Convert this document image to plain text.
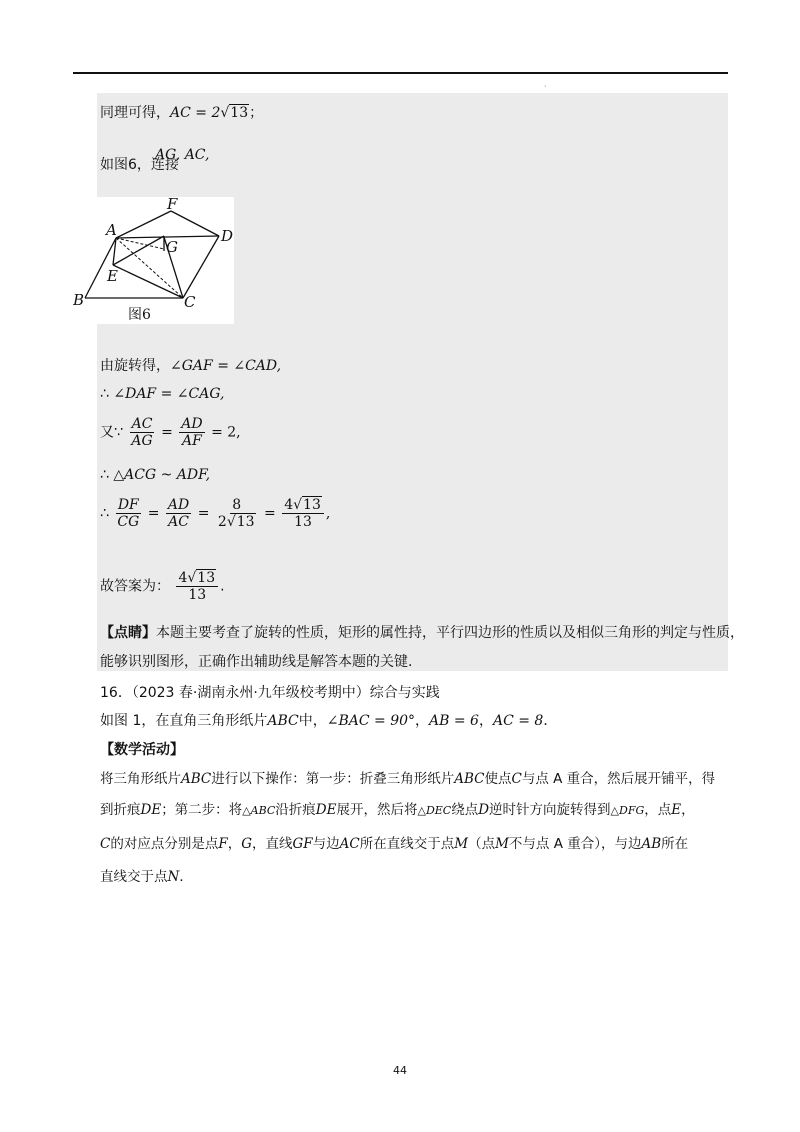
·
同理可得，AC = 2√13；
如图6，连接
AG, AC,
A
F
D
G
E
B	C
图6
由旋转得，∠GAF = ∠CAD,
∴ ∠DAF = ∠CAG,
又∵ $\frac{AC}{AG} = \frac{AD}{AF} = 2$,
∴ △ACG ~ ADF,
∴ $\frac{DF}{CG} = \frac{AD}{AC} = \frac{8}{2√13} = \frac{4√13}{13}$ ,
故答案为： $\frac{4√13}{13}$ .
【点睛】本题主要考查了旋转的性质，矩形的属性持，平行四边形的性质以及相似三角形的判定与性质，
能够识别图形，正确作出辅助线是解答本题的关键.
16．（2023 春·湖南永州·九年级校考期中）综合与实践
如图 1，在直角三角形纸片ABC中，∠BAC = 90°，AB = 6，AC = 8．
【数学活动】
将三角形纸片ABC进行以下操作：第一步：折叠三角形纸片ABC使点C与点 A 重合，然后展开铺平，得
到折痕DE；第二步：将△ABC沿折痕DE展开，然后将△DEC绕点D逆时针方向旋转得到△DFG，点E，
C的对应点分别是点F，G，直线GF与边AC所在直线交于点M（点M不与点 A 重合），与边AB所在
直线交于点N．
44
